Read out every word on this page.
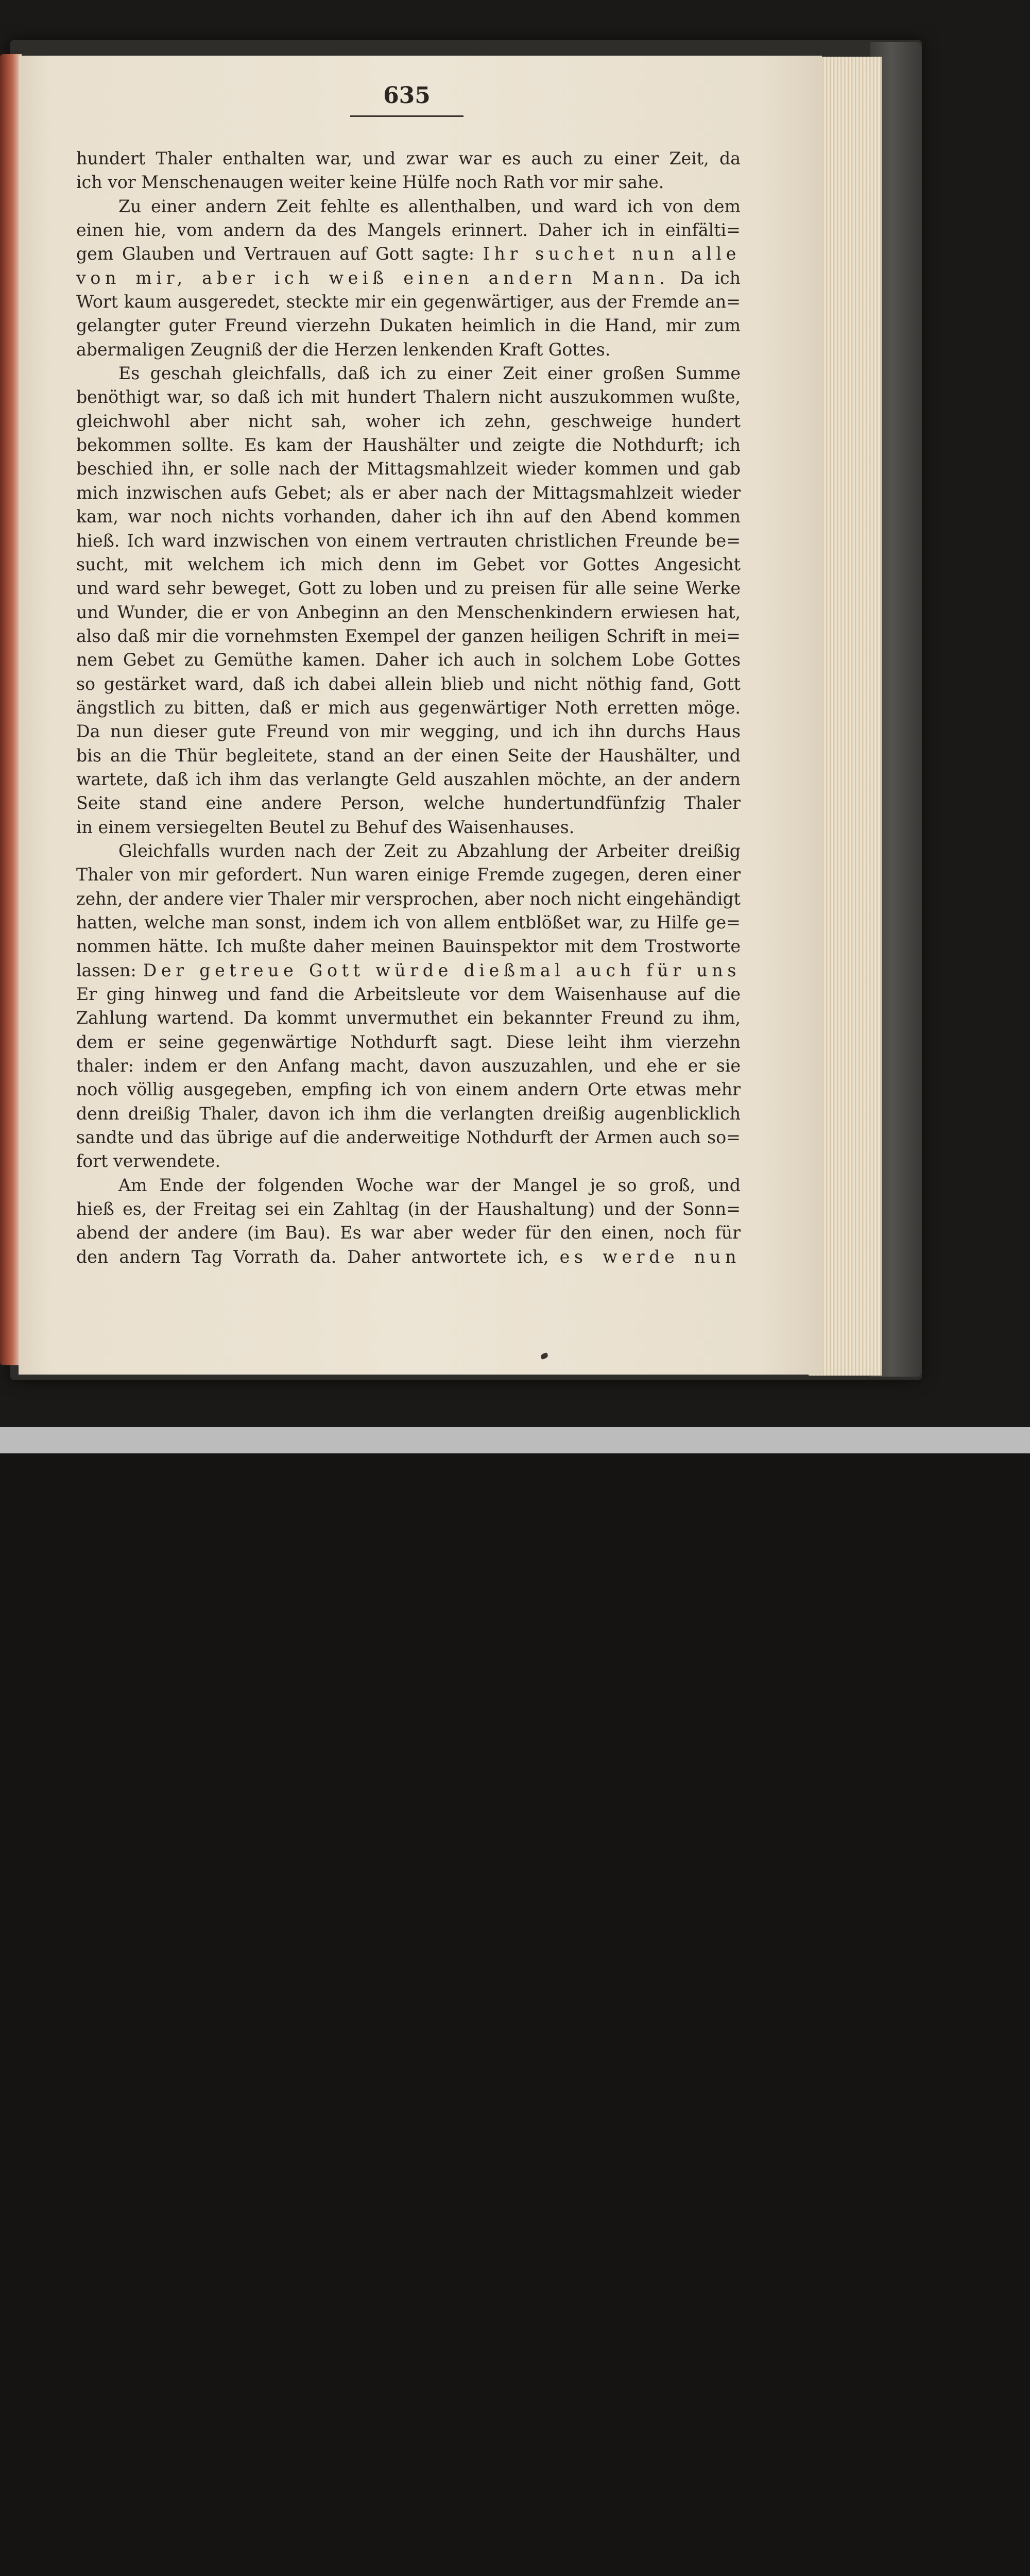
635
hundert Thaler enthalten war, und zwar war es auch zu einer Zeit, da
ich vor Menschenaugen weiter keine Hülfe noch Rath vor mir sahe.
Zu einer andern Zeit fehlte es allenthalben, und ward ich von dem
einen hie, vom andern da des Mangels erinnert. Daher ich in einfälti=
gem Glauben und Vertrauen auf Gott sagte: Ihr suchet nun alle
von mir, aber ich weiß einen andern Mann. Da ich
Wort kaum ausgeredet, steckte mir ein gegenwärtiger, aus der Fremde an=
gelangter guter Freund vierzehn Dukaten heimlich in die Hand, mir zum
abermaligen Zeugniß der die Herzen lenkenden Kraft Gottes.
Es geschah gleichfalls, daß ich zu einer Zeit einer großen Summe
benöthigt war, so daß ich mit hundert Thalern nicht auszukommen wußte,
gleichwohl aber nicht sah, woher ich zehn, geschweige hundert
bekommen sollte. Es kam der Haushälter und zeigte die Nothdurft; ich
beschied ihn, er solle nach der Mittagsmahlzeit wieder kommen und gab
mich inzwischen aufs Gebet; als er aber nach der Mittagsmahlzeit wieder
kam, war noch nichts vorhanden, daher ich ihn auf den Abend kommen
hieß. Ich ward inzwischen von einem vertrauten christlichen Freunde be=
sucht, mit welchem ich mich denn im Gebet vor Gottes Angesicht
und ward sehr beweget, Gott zu loben und zu preisen für alle seine Werke
und Wunder, die er von Anbeginn an den Menschenkindern erwiesen hat,
also daß mir die vornehmsten Exempel der ganzen heiligen Schrift in mei=
nem Gebet zu Gemüthe kamen. Daher ich auch in solchem Lobe Gottes
so gestärket ward, daß ich dabei allein blieb und nicht nöthig fand, Gott
ängstlich zu bitten, daß er mich aus gegenwärtiger Noth erretten möge.
Da nun dieser gute Freund von mir wegging, und ich ihn durchs Haus
bis an die Thür begleitete, stand an der einen Seite der Haushälter, und
wartete, daß ich ihm das verlangte Geld auszahlen möchte, an der andern
Seite stand eine andere Person, welche hundertundfünfzig Thaler
in einem versiegelten Beutel zu Behuf des Waisenhauses.
Gleichfalls wurden nach der Zeit zu Abzahlung der Arbeiter dreißig
Thaler von mir gefordert. Nun waren einige Fremde zugegen, deren einer
zehn, der andere vier Thaler mir versprochen, aber noch nicht eingehändigt
hatten, welche man sonst, indem ich von allem entblößet war, zu Hilfe ge=
nommen hätte. Ich mußte daher meinen Bauinspektor mit dem Trostworte
lassen: Der getreue Gott würde dießmal auch für uns
Er ging hinweg und fand die Arbeitsleute vor dem Waisenhause auf die
Zahlung wartend. Da kommt unvermuthet ein bekannter Freund zu ihm,
dem er seine gegenwärtige Nothdurft sagt. Diese leiht ihm vierzehn
thaler: indem er den Anfang macht, davon auszuzahlen, und ehe er sie
noch völlig ausgegeben, empfing ich von einem andern Orte etwas mehr
denn dreißig Thaler, davon ich ihm die verlangten dreißig augenblicklich
sandte und das übrige auf die anderweitige Nothdurft der Armen auch so=
fort verwendete.
Am Ende der folgenden Woche war der Mangel je so groß, und
hieß es, der Freitag sei ein Zahltag (in der Haushaltung) und der Sonn=
abend der andere (im Bau). Es war aber weder für den einen, noch für
den andern Tag Vorrath da. Daher antwortete ich, es werde nun
